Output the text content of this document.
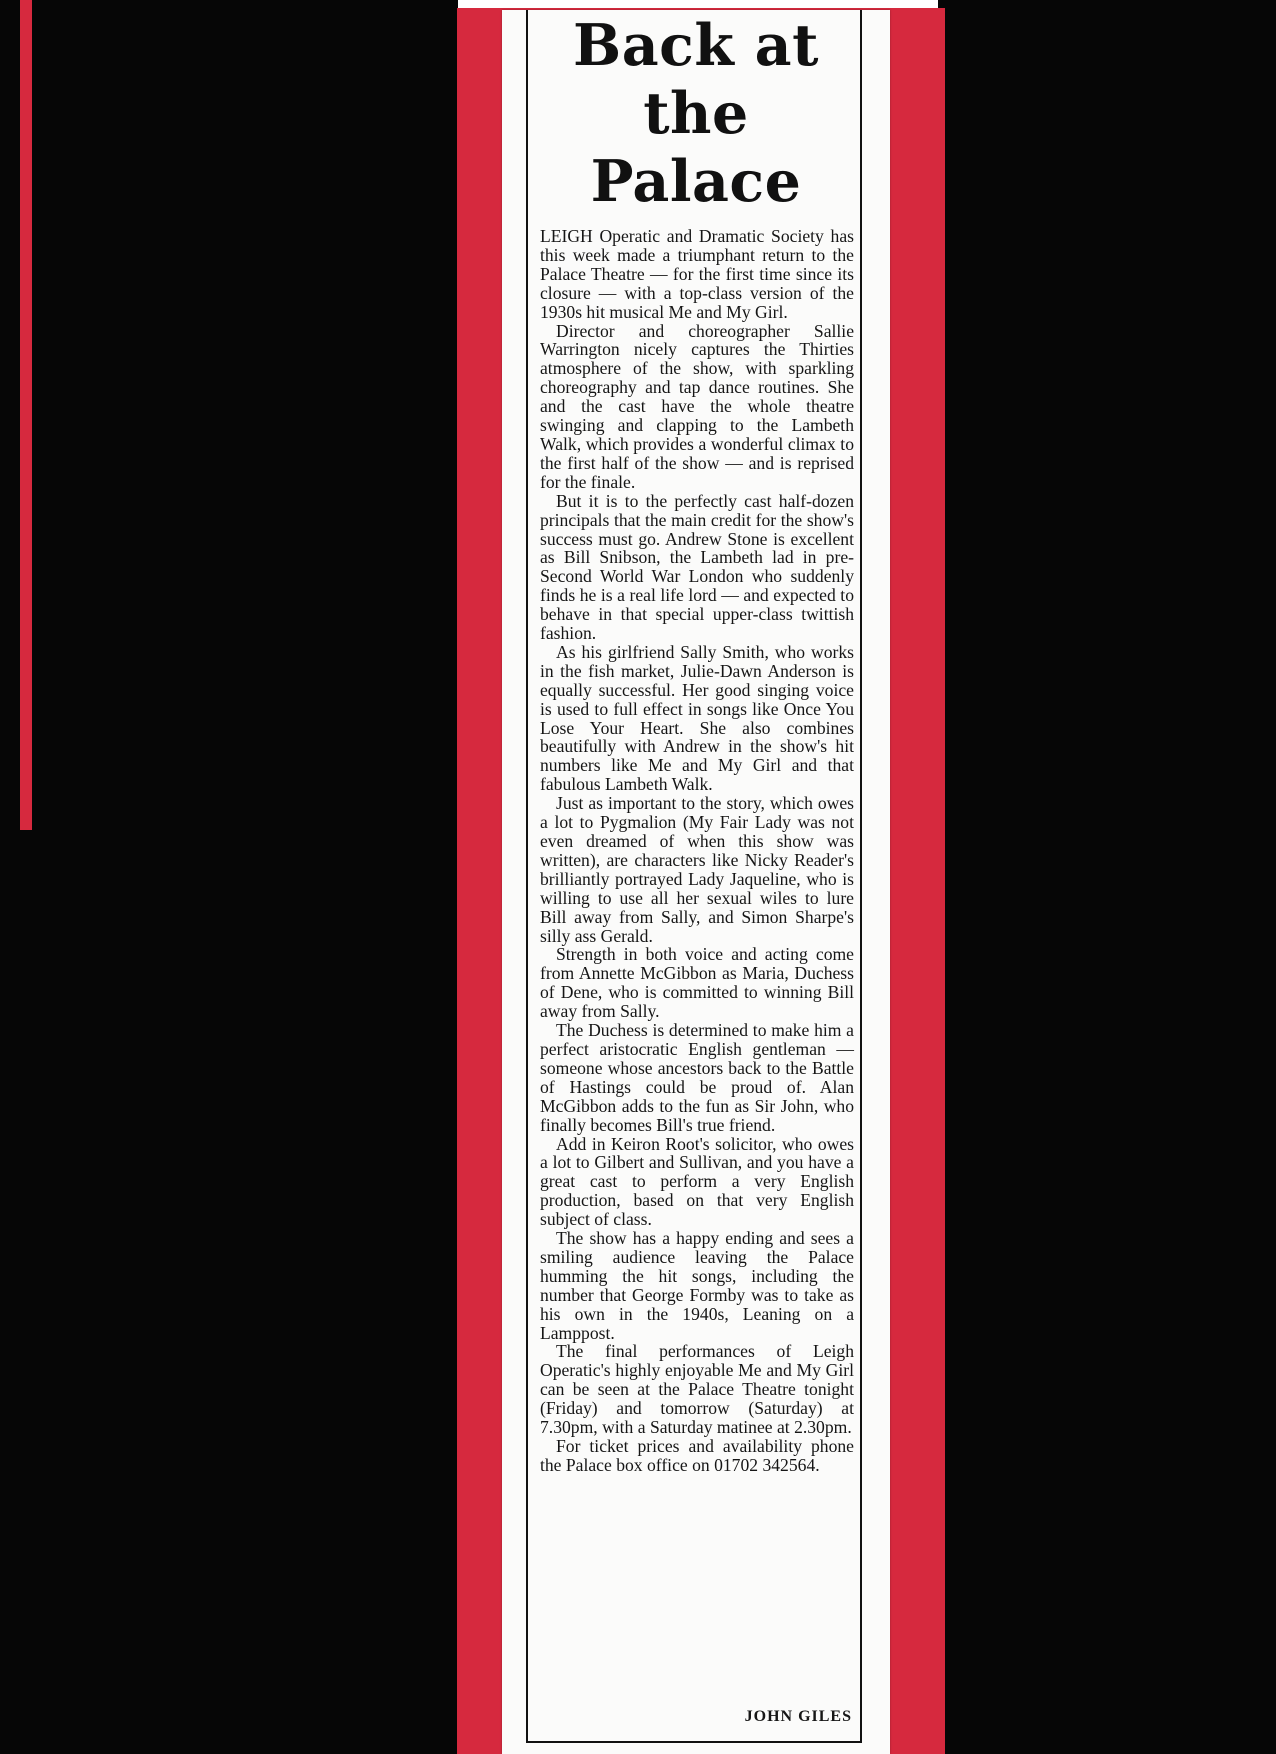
Back at the Palace

LEIGH Operatic and Dramatic Society has this week made a triumphant return to the Palace Theatre — for the first time since its closure — with a top-class version of the 1930s hit musical Me and My Girl.

Director and choreographer Sallie Warrington nicely captures the Thirties atmosphere of the show, with sparkling choreography and tap dance routines. She and the cast have the whole theatre swinging and clapping to the Lambeth Walk, which provides a wonderful climax to the first half of the show — and is reprised for the finale.

But it is to the perfectly cast half-dozen principals that the main credit for the show's success must go. Andrew Stone is excellent as Bill Snibson, the Lambeth lad in pre-Second World War London who suddenly finds he is a real life lord — and expected to behave in that special upper-class twittish fashion.

As his girlfriend Sally Smith, who works in the fish market, Julie-Dawn Anderson is equally successful. Her good singing voice is used to full effect in songs like Once You Lose Your Heart. She also combines beautifully with Andrew in the show's hit numbers like Me and My Girl and that fabulous Lambeth Walk.

Just as important to the story, which owes a lot to Pygmalion (My Fair Lady was not even dreamed of when this show was written), are characters like Nicky Reader's brilliantly portrayed Lady Jaqueline, who is willing to use all her sexual wiles to lure Bill away from Sally, and Simon Sharpe's silly ass Gerald.

Strength in both voice and acting come from Annette McGibbon as Maria, Duchess of Dene, who is committed to winning Bill away from Sally.

The Duchess is determined to make him a perfect aristocratic English gentleman — someone whose ancestors back to the Battle of Hastings could be proud of. Alan McGibbon adds to the fun as Sir John, who finally becomes Bill's true friend.

Add in Keiron Root's solicitor, who owes a lot to Gilbert and Sullivan, and you have a great cast to perform a very English production, based on that very English subject of class.

The show has a happy ending and sees a smiling audience leaving the Palace humming the hit songs, including the number that George Formby was to take as his own in the 1940s, Leaning on a Lamppost.

The final performances of Leigh Operatic's highly enjoyable Me and My Girl can be seen at the Palace Theatre tonight (Friday) and tomorrow (Saturday) at 7.30pm, with a Saturday matinee at 2.30pm.

For ticket prices and availability phone the Palace box office on 01702 342564.

JOHN GILES
